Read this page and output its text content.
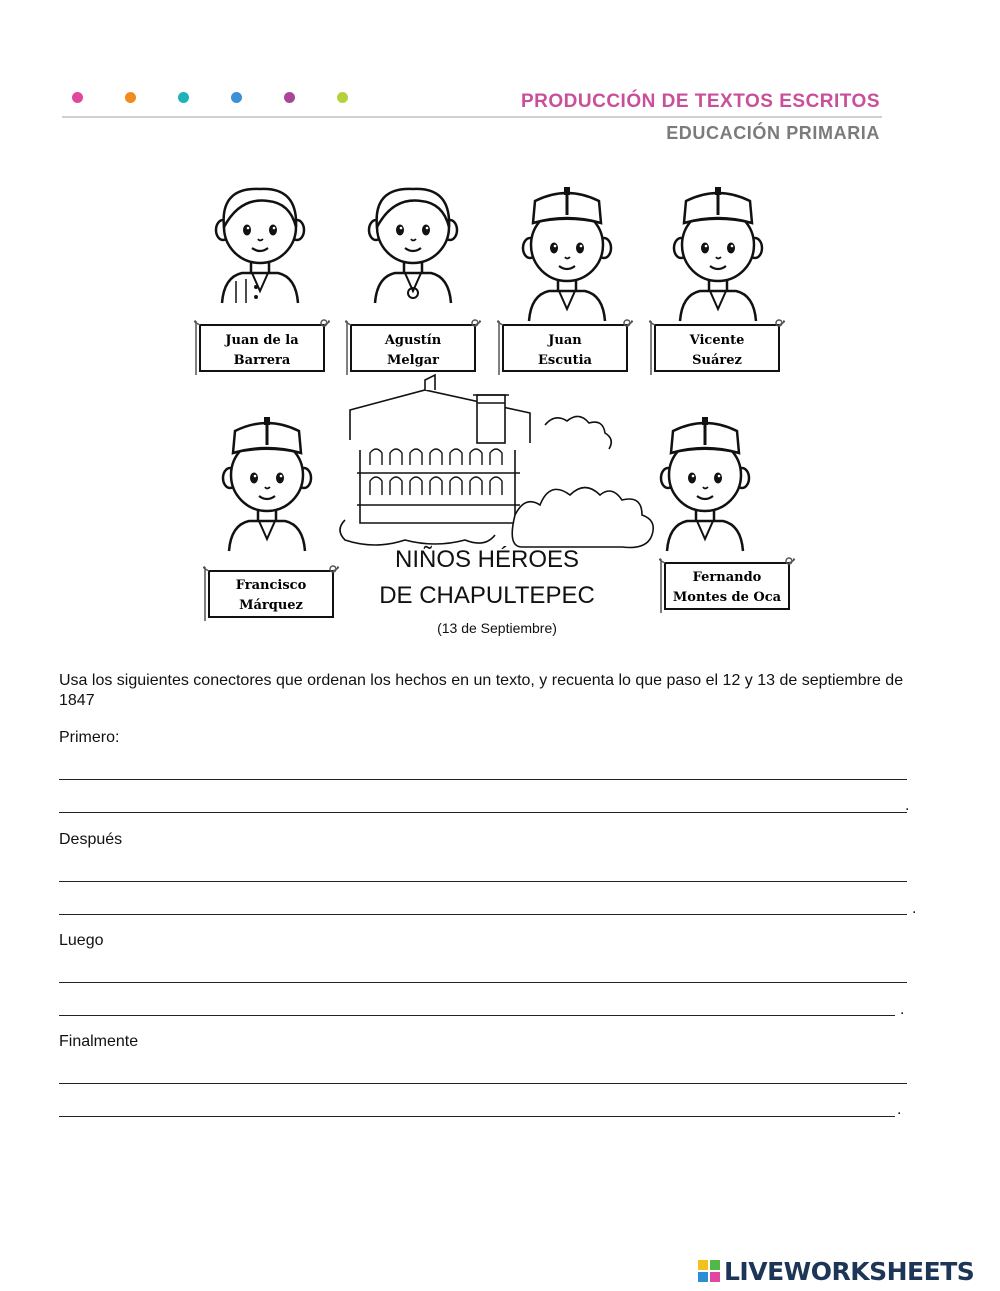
PRODUCCIÓN DE TEXTOS ESCRITOS
EDUCACIÓN PRIMARIA
Juan de la
Barrera
Agustín
Melgar
Juan
Escutia
Vicente
Suárez
Francisco
Márquez
Fernando
Montes de Oca
NIÑOS HÉROES
DE CHAPULTEPEC
(13 de Septiembre)
Usa los siguientes conectores que ordenan los hechos en un texto, y recuenta lo que paso el 12 y 13 de septiembre de 1847
Primero:
.
Después
.
Luego
.
Finalmente
.
LIVEWORKSHEETS
